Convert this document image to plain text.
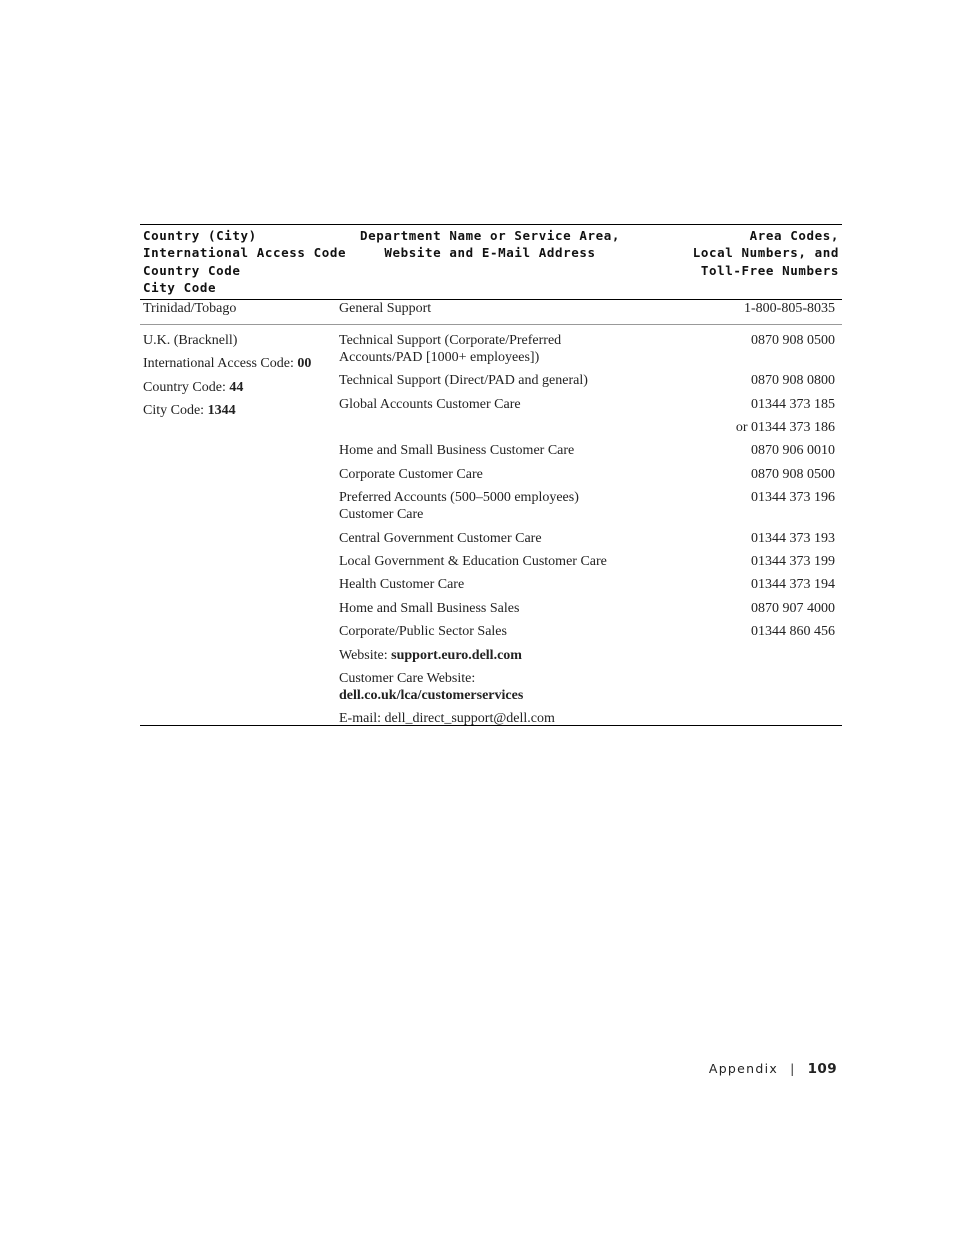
Country (City)
International Access Code
Country Code
City Code
Department Name or Service Area,
Website and E-Mail Address
Area Codes,
Local Numbers, and
Toll-Free Numbers
Trinidad/Tobago	General Support	1-800-805-8035
U.K. (Bracknell)
International Access Code: 00
Country Code: 44
City Code: 1344
Technical Support (Corporate/Preferred
Accounts/PAD [1000+ employees])
Technical Support (Direct/PAD and general)
Global Accounts Customer Care
Home and Small Business Customer Care
Corporate Customer Care
Preferred Accounts (500–5000 employees)
Customer Care
Central Government Customer Care
Local Government & Education Customer Care
Health Customer Care
Home and Small Business Sales
Corporate/Public Sector Sales
Website: support.euro.dell.com
Customer Care Website:
dell.co.uk/lca/customerservices
E-mail: dell_direct_support@dell.com
0870 908 0500
0870 908 0800
01344 373 185
or 01344 373 186
0870 906 0010
0870 908 0500
01344 373 196
01344 373 193
01344 373 199
01344 373 194
0870 907 4000
01344 860 456
Appendix | 109
